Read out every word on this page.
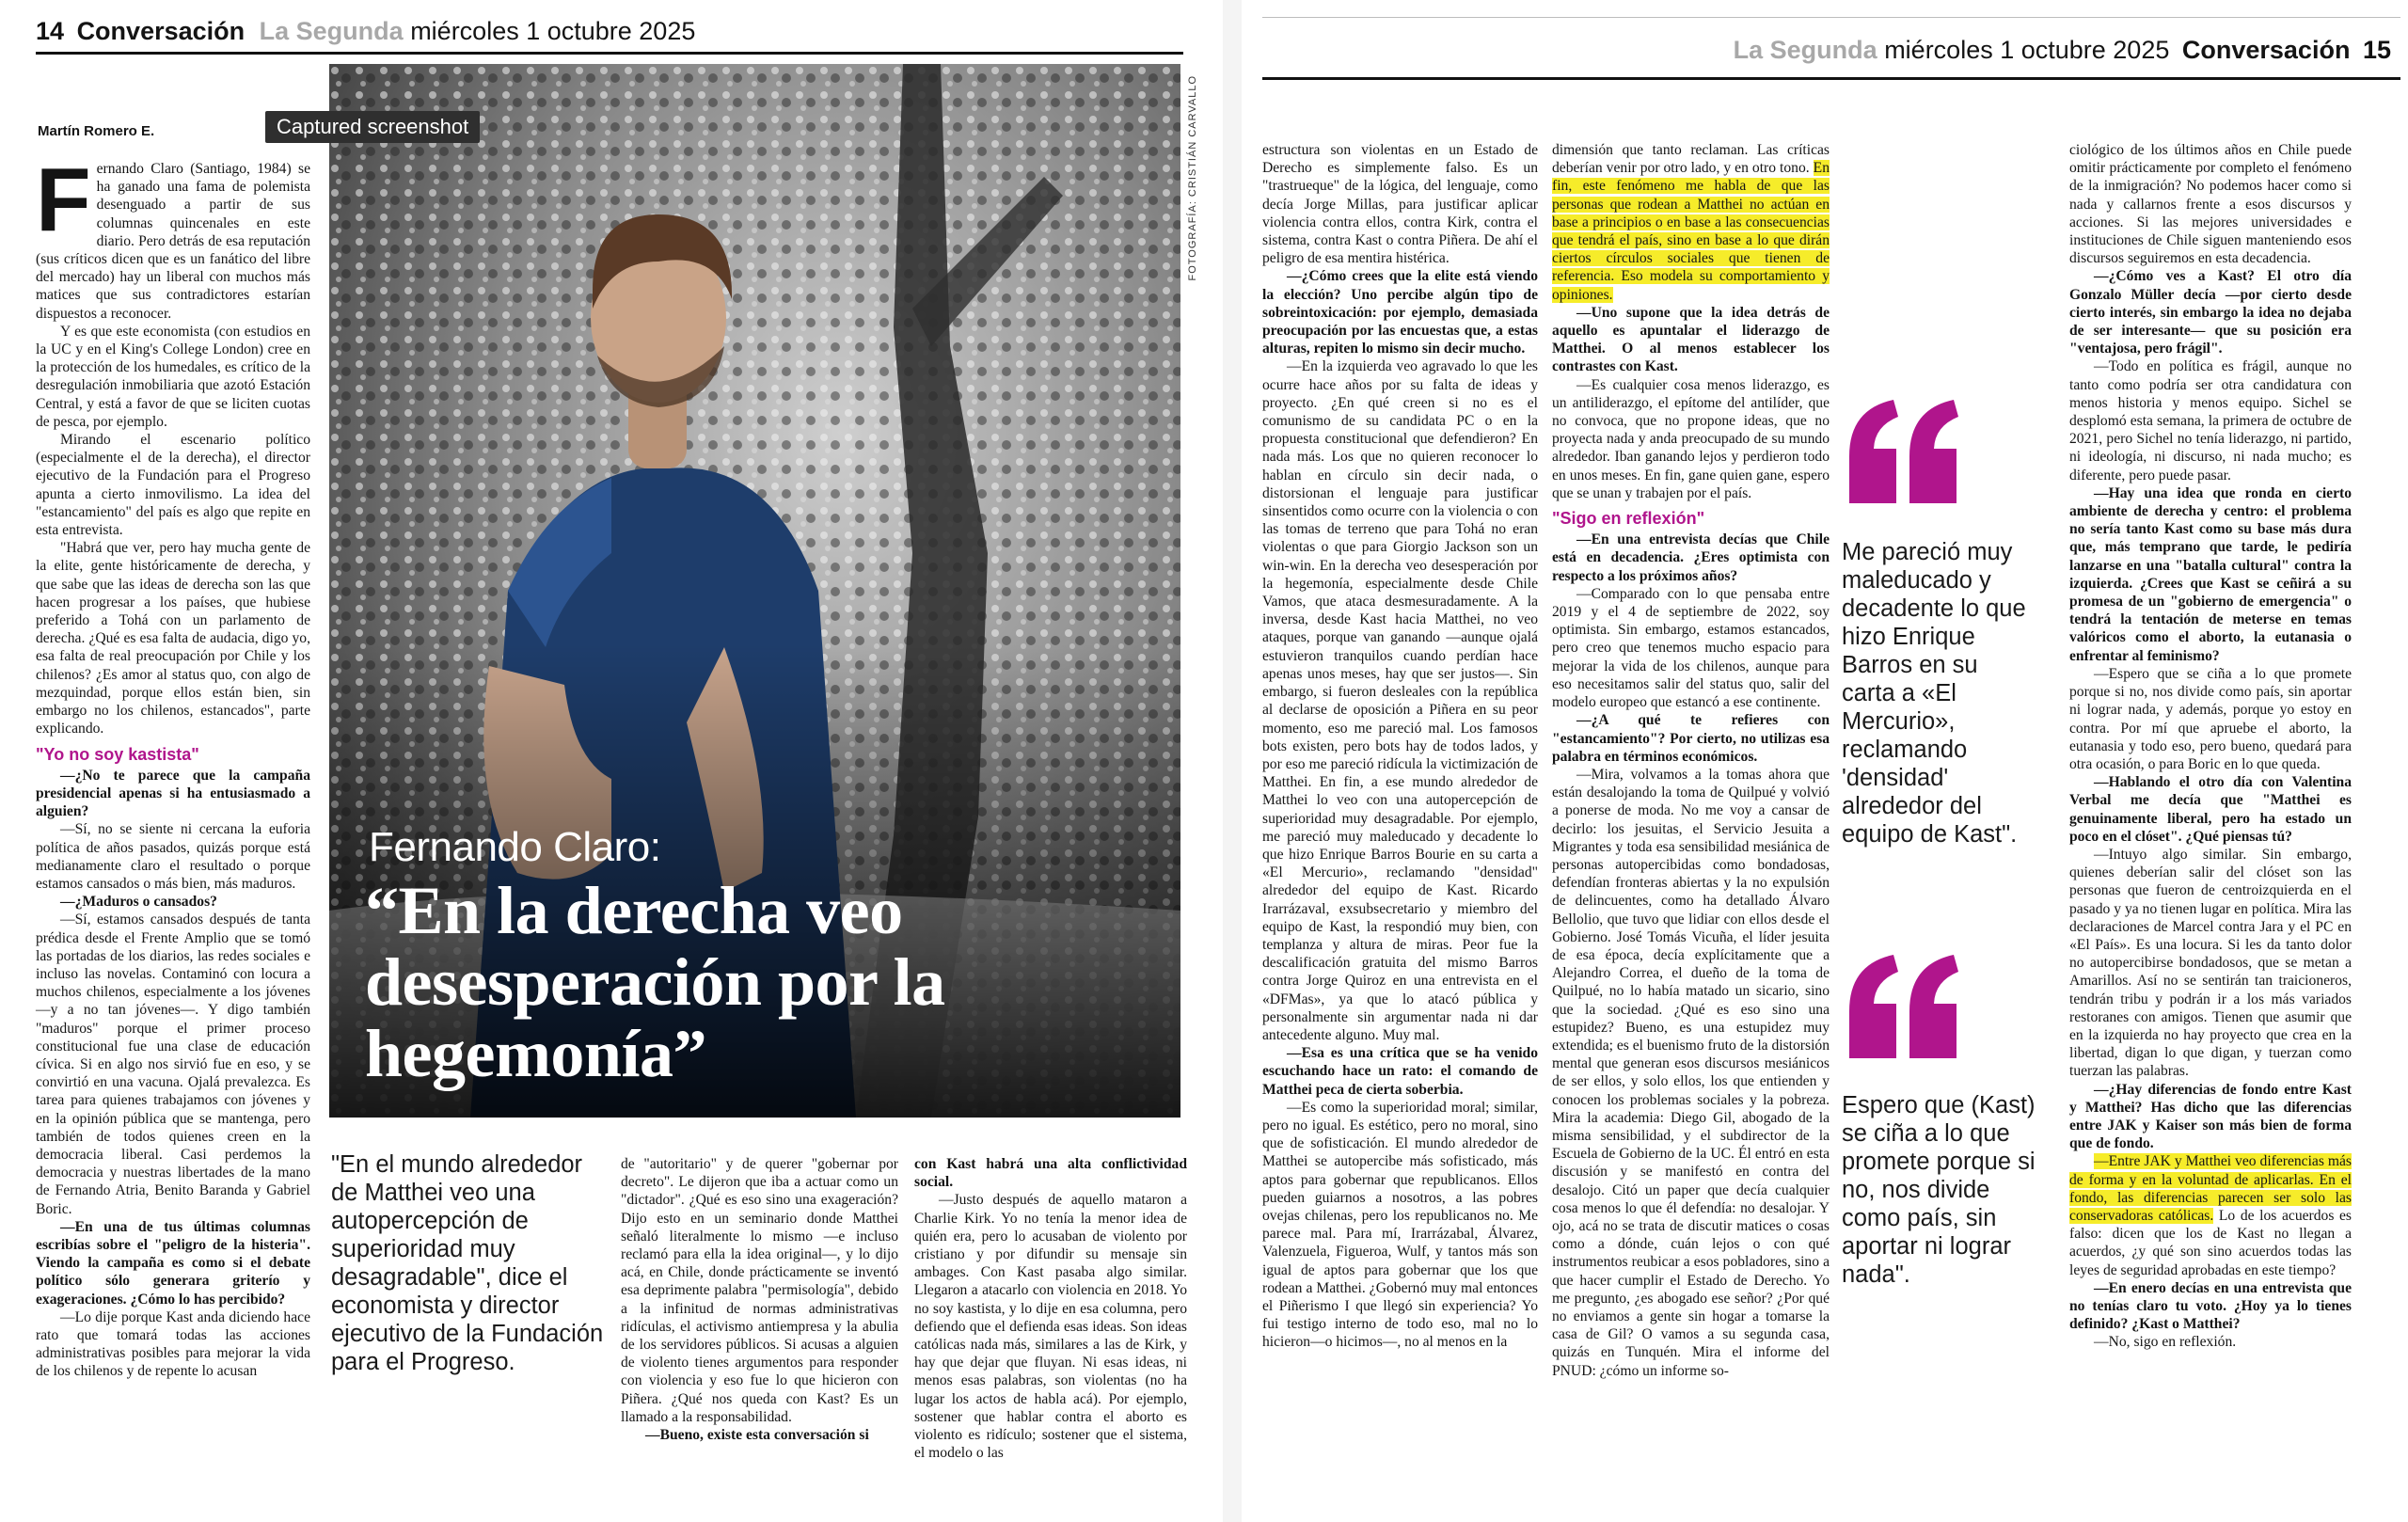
14 Conversación La Segunda miércoles 1 octubre 2025
Martín Romero E.	Captured screenshot	FOTOGRAFÍA: CRISTIÁN CARVALLO
Fernando Claro:
“En la derecha veo desesperación por la hegemonía”

Fernando Claro (Santiago, 1984) se ha ganado una fama de polemista desenguado a partir de sus columnas quincenales en este diario. Pero detrás de esa reputación (sus críticos dicen que es un fanático del libre del mercado) hay un liberal con muchos más matices que sus contradictores estarían dispuestos a reconocer.

Y es que este economista (con estudios en la UC y en el King's College London) cree en la protección de los humedales, es crítico de la desregulación inmobiliaria que azotó Estación Central, y está a favor de que se liciten cuotas de pesca, por ejemplo.

Mirando el escenario político (especialmente el de la derecha), el director ejecutivo de la Fundación para el Progreso apunta a cierto inmovilismo. La idea del "estancamiento" del país es algo que repite en esta entrevista.

"Habrá que ver, pero hay mucha gente de la elite, gente históricamente de derecha, y que sabe que las ideas de derecha son las que hacen progresar a los países, que hubiese preferido a Tohá con un parlamento de derecha. ¿Qué es esa falta de audacia, digo yo, esa falta de real preocupación por Chile y los chilenos? ¿Es amor al status quo, con algo de mezquindad, porque ellos están bien, sin embargo no los chilenos, estancados", parte explicando.

"Yo no soy kastista"

—¿No te parece que la campaña presidencial apenas si ha entusiasmado a alguien?

—Sí, no se siente ni cercana la euforia política de años pasados, quizás porque está medianamente claro el resultado o porque estamos cansados o más bien, más maduros.

—¿Maduros o cansados?

—Sí, estamos cansados después de tanta prédica desde el Frente Amplio que se tomó las portadas de los diarios, las redes sociales e incluso las novelas. Contaminó con locura a muchos chilenos, especialmente a los jóvenes —y a no tan jóvenes—. Y digo también "maduros" porque el primer proceso constitucional fue una clase de educación cívica. Si en algo nos sirvió fue en eso, y se convirtió en una vacuna. Ojalá prevalezca. Es tarea para quienes trabajamos con jóvenes y en la opinión pública que se mantenga, pero también de todos quienes creen en la democracia liberal. Casi perdemos la democracia y nuestras libertades de la mano de Fernando Atria, Benito Baranda y Gabriel Boric.

—En una de tus últimas columnas escribías sobre el "peligro de la histeria". Viendo la campaña es como si el debate político sólo generara griterío y exageraciones. ¿Cómo lo has percibido?

—Lo dije porque Kast anda diciendo hace rato que tomará todas las acciones administrativas posibles para mejorar la vida de los chilenos y de repente lo acusan

"En el mundo alrededor de Matthei veo una autopercepción de superioridad muy desagradable", dice el economista y director ejecutivo de la Fundación para el Progreso.

de "autoritario" y de querer "gobernar por decreto". Le dijeron que iba a actuar como un "dictador". ¿Qué es eso sino una exageración? Dijo esto en un seminario donde Matthei señaló literalmente lo mismo —e incluso reclamó para ella la idea original—, y lo dijo acá, en Chile, donde prácticamente se inventó esa deprimente palabra "permisología", debido a la infinitud de normas administrativas ridículas, el activismo antiempresa y la abulia de los servidores públicos. Si acusas a alguien de violento tienes argumentos para responder con violencia y eso fue lo que hicieron con Piñera. ¿Qué nos queda con Kast? Es un llamado a la responsabilidad.

—Bueno, existe esta conversación si

con Kast habrá una alta conflictividad social.

—Justo después de aquello mataron a Charlie Kirk. Yo no tenía la menor idea de quién era, pero lo acusaban de violento por cristiano y por difundir su mensaje sin ambages. Con Kast pasaba algo similar. Llegaron a atacarlo con violencia en 2018. Yo no soy kastista, y lo dije en esa columna, pero defiendo que el defienda esas ideas. Son ideas católicas nada más, similares a las de Kirk, y hay que dejar que fluyan. Ni esas ideas, ni menos esas palabras, son violentas (no ha lugar los actos de habla acá). Por ejemplo, sostener que hablar contra el aborto es violento es ridículo; sostener que el sistema, el modelo o las

La Segunda miércoles 1 octubre 2025 Conversación 15

estructura son violentas en un Estado de Derecho es simplemente falso. Es un "trastrueque" de la lógica, del lenguaje, como decía Jorge Millas, para justificar aplicar violencia contra ellos, contra Kirk, contra el sistema, contra Kast o contra Piñera. De ahí el peligro de esa mentira histérica.

—¿Cómo crees que la elite está viendo la elección? Uno percibe algún tipo de sobreintoxicación: por ejemplo, demasiada preocupación por las encuestas que, a estas alturas, repiten lo mismo sin decir mucho.

—En la izquierda veo agravado lo que les ocurre hace años por su falta de ideas y proyecto. ¿En qué creen si no es el comunismo de su candidata PC o en la propuesta constitucional que defendieron? En nada más. Los que no quieren reconocer lo hablan en círculo sin decir nada, o distorsionan el lenguaje para justificar sinsentidos como ocurre con la violencia o con las tomas de terreno que para Tohá no eran violentas o que para Giorgio Jackson son un win-win. En la derecha veo desesperación por la hegemonía, especialmente desde Chile Vamos, que ataca desmesuradamente. A la inversa, desde Kast hacia Matthei, no veo ataques, porque van ganando —aunque ojalá estuvieron tranquilos cuando perdían hace apenas unos meses, hay que ser justos—. Sin embargo, si fueron desleales con la república al declarse de oposición a Piñera en su peor momento, eso me pareció mal. Los famosos bots existen, pero bots hay de todos lados, y por eso me pareció ridícula la victimización de Matthei. En fin, a ese mundo alrededor de Matthei lo veo con una autopercepción de superioridad muy desagradable. Por ejemplo, me pareció muy maleducado y decadente lo que hizo Enrique Barros Bourie en su carta a «El Mercurio», reclamando "densidad" alrededor del equipo de Kast. Ricardo Irarrázaval, exsubsecretario y miembro del equipo de Kast, la respondió muy bien, con templanza y altura de miras. Peor fue la descalificación gratuita del mismo Barros contra Jorge Quiroz en una entrevista en el «DFMas», ya que lo atacó pública y personalmente sin argumentar nada ni dar antecedente alguno. Muy mal.

—Esa es una crítica que se ha venido escuchando hace un rato: el comando de Matthei peca de cierta soberbia.

—Es como la superioridad moral; similar, pero no igual. Es estético, pero no moral, sino que de sofisticación. El mundo alrededor de Matthei se autopercibe más sofisticado, más aptos para gobernar que republicanos. Ellos pueden guiarnos a nosotros, a las pobres ovejas chilenas, pero los republicanos no. Me parece mal. Para mí, Irarrázabal, Álvarez, Valenzuela, Figueroa, Wulf, y tantos más son igual de aptos para gobernar que los que rodean a Matthei. ¿Gobernó muy mal entonces el Piñerismo I que llegó sin experiencia? Yo fui testigo interno de todo eso, mal no lo hicieron—o hicimos—, no al menos en la

dimensión que tanto reclaman. Las críticas deberían venir por otro lado, y en otro tono. En fin, este fenómeno me habla de que las personas que rodean a Matthei no actúan en base a principios o en base a las consecuencias que tendrá el país, sino en base a lo que dirán ciertos círculos sociales que tienen de referencia. Eso modela su comportamiento y opiniones.

—Uno supone que la idea detrás de aquello es apuntalar el liderazgo de Matthei. O al menos establecer los contrastes con Kast.

—Es cualquier cosa menos liderazgo, es un antiliderazgo, el epítome del antilíder, que no convoca, que no propone ideas, que no proyecta nada y anda preocupado de su mundo alrededor. Iban ganando lejos y perdieron todo en unos meses. En fin, gane quien gane, espero que se unan y trabajen por el país.

"Sigo en reflexión"

—En una entrevista decías que Chile está en decadencia. ¿Eres optimista con respecto a los próximos años?

—Comparado con lo que pensaba entre 2019 y el 4 de septiembre de 2022, soy optimista. Sin embargo, estamos estancados, pero creo que tenemos mucho espacio para mejorar la vida de los chilenos, aunque para eso necesitamos salir del status quo, salir del modelo europeo que estancó a ese continente.

—¿A qué te refieres con "estancamiento"? Por cierto, no utilizas esa palabra en términos económicos.

—Mira, volvamos a la tomas ahora que están desalojando la toma de Quilpué y volvió a ponerse de moda. No me voy a cansar de decirlo: los jesuitas, el Servicio Jesuita a Migrantes y toda esa sensibilidad mesiánica de personas autopercibidas como bondadosas, defendían fronteras abiertas y la no expulsión de delincuentes, como ha detallado Álvaro Bellolio, que tuvo que lidiar con ellos desde el Gobierno. José Tomás Vicuña, el líder jesuita de esa época, decía explícitamente que a Alejandro Correa, el dueño de la toma de Quilpué, no lo había matado un sicario, sino que la sociedad. ¿Qué es eso sino una estupidez? Bueno, es una estupidez muy extendida; es el buenismo fruto de la distorsión mental que generan esos discursos mesiánicos de ser ellos, y solo ellos, los que entienden y conocen los problemas sociales y la pobreza. Mira la academia: Diego Gil, abogado de la misma sensibilidad, y el subdirector de la Escuela de Gobierno de la UC. Él entró en esta discusión y se manifestó en contra del desalojo. Citó un paper que decía cualquier cosa menos lo que él defendía: no desalojar. Y ojo, acá no se trata de discutir matices o cosas como a dónde, cuán lejos o con qué instrumentos reubicar a esos pobladores, sino a que hacer cumplir el Estado de Derecho. Yo me pregunto, ¿es abogado ese señor? ¿Por qué no enviamos a gente sin hogar a tomarse la casa de Gil? O vamos a su segunda casa, quizás en Tunquén. Mira el informe del PNUD: ¿cómo un informe so-

Me pareció muy maleducado y decadente lo que hizo Enrique Barros en su carta a «El Mercurio», reclamando 'densidad' alrededor del equipo de Kast".
Espero que (Kast) se ciña a lo que promete porque si no, nos divide como país, sin aportar ni lograr nada".

ciológico de los últimos años en Chile puede omitir prácticamente por completo el fenómeno de la inmigración? No podemos hacer como si nada y callarnos frente a esos discursos y acciones. Si las mejores universidades e instituciones de Chile siguen manteniendo esos discursos seguiremos en esta decadencia.

—¿Cómo ves a Kast? El otro día Gonzalo Müller decía —por cierto desde cierto interés, sin embargo la idea no dejaba de ser interesante— que su posición era "ventajosa, pero frágil".

—Todo en política es frágil, aunque no tanto como podría ser otra candidatura con menos historia y menos equipo. Sichel se desplomó esta semana, la primera de octubre de 2021, pero Sichel no tenía liderazgo, ni partido, ni ideología, ni discurso, ni nada mucho; es diferente, pero puede pasar.

—Hay una idea que ronda en cierto ambiente de derecha y centro: el problema no sería tanto Kast como su base más dura que, más temprano que tarde, le pediría lanzarse en una "batalla cultural" contra la izquierda. ¿Crees que Kast se ceñirá a su promesa de un "gobierno de emergencia" o tendrá la tentación de meterse en temas valóricos como el aborto, la eutanasia o enfrentar al feminismo?

—Espero que se ciña a lo que promete porque si no, nos divide como país, sin aportar ni lograr nada, y además, porque yo estoy en contra. Por mí que apruebe el aborto, la eutanasia y todo eso, pero bueno, quedará para otra ocasión, o para Boric en lo que queda.

—Hablando el otro día con Valentina Verbal me decía que "Matthei es genuinamente liberal, pero ha estado un poco en el clóset". ¿Qué piensas tú?

—Intuyo algo similar. Sin embargo, quienes deberían salir del clóset son las personas que fueron de centroizquierda en el pasado y ya no tienen lugar en política. Mira las declaraciones de Marcel contra Jara y el PC en «El País». Es una locura. Si les da tanto dolor no autopercibirse bondadosos, que se metan a Amarillos. Así no se sentirán tan traicioneros, tendrán tribu y podrán ir a los más variados restoranes con amigos. Tienen que asumir que en la izquierda no hay proyecto que crea en la libertad, digan lo que digan, y tuerzan como tuerzan las palabras.

—¿Hay diferencias de fondo entre Kast y Matthei? Has dicho que las diferencias entre JAK y Kaiser son más bien de forma que de fondo.

—Entre JAK y Matthei veo diferencias más de forma y en la voluntad de aplicarlas. En el fondo, las diferencias parecen ser solo las conservadoras católicas. Lo de los acuerdos es falso: dicen que los de Kast no llegan a acuerdos, ¿y qué son sino acuerdos todas las leyes de seguridad aprobadas en este tiempo?

—En enero decías en una entrevista que no tenías claro tu voto. ¿Hoy ya lo tienes definido? ¿Kast o Matthei?

—No, sigo en reflexión.
